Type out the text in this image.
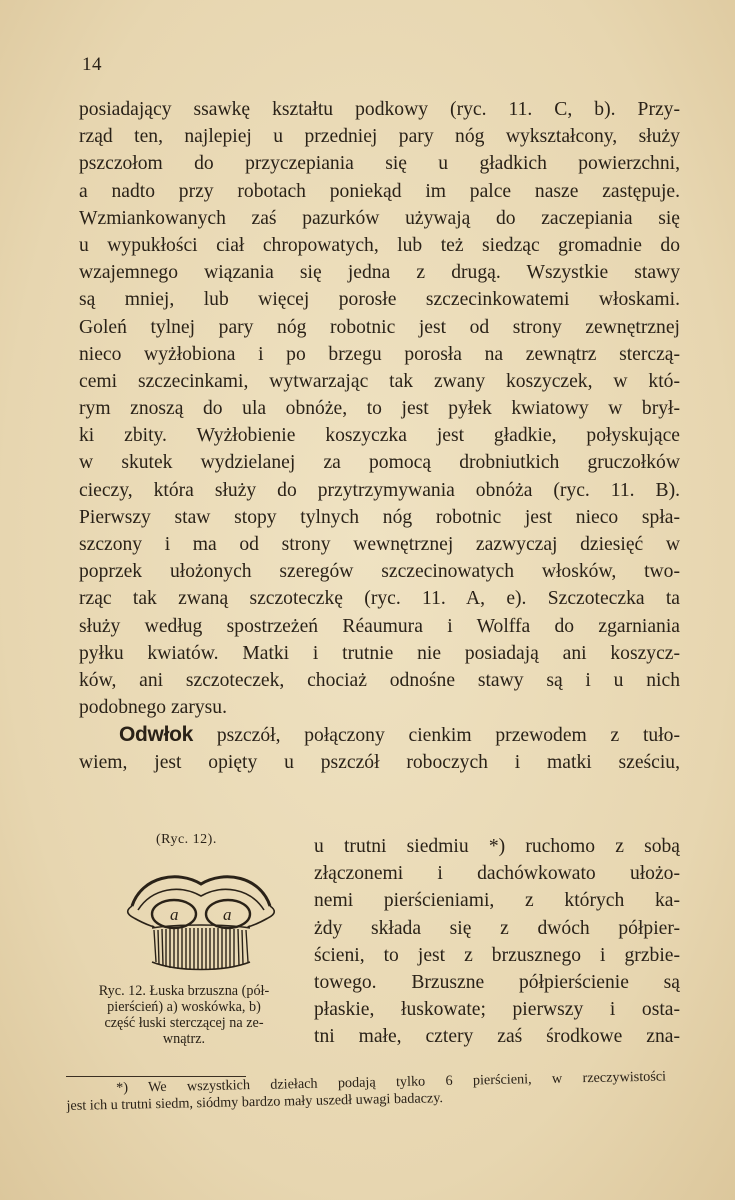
14
posiadający ssawkę kształtu podkowy (ryc. 11. C, b). Przy-
rząd ten, najlepiej u przedniej pary nóg wykształcony, służy
pszczołom do przyczepiania się u gładkich powierzchni,
a nadto przy robotach poniekąd im palce nasze zastępuje.
Wzmiankowanych zaś pazurków używają do zaczepiania się
u wypukłości ciał chropowatych, lub też siedząc gromadnie do
wzajemnego wiązania się jedna z drugą. Wszystkie stawy
są mniej, lub więcej porosłe szczecinkowatemi włoskami.
Goleń tylnej pary nóg robotnic jest od strony zewnętrznej
nieco wyżłobiona i po brzegu porosła na zewnątrz sterczą-
cemi szczecinkami, wytwarzając tak zwany koszyczek, w któ-
rym znoszą do ula obnóże, to jest pyłek kwiatowy w brył-
ki zbity. Wyżłobienie koszyczka jest gładkie, połyskujące
w skutek wydzielanej za pomocą drobniutkich gruczołków
cieczy, która służy do przytrzymywania obnóża (ryc. 11. B).
Pierwszy staw stopy tylnych nóg robotnic jest nieco spła-
szczony i ma od strony wewnętrznej zazwyczaj dziesięć w
poprzek ułożonych szeregów szczecinowatych włosków, two-
rząc tak zwaną szczoteczkę (ryc. 11. A, e). Szczoteczka ta
służy według spostrzeżeń Réaumura i Wolffa do zgarniania
pyłku kwiatów. Matki i trutnie nie posiadają ani koszycz-
ków, ani szczoteczek, chociaż odnośne stawy są i u nich
podobnego zarysu.
Odwłok pszczół, połączony cienkim przewodem z tuło-
wiem, jest opięty u pszczół roboczych i matki sześciu,
(Ryc. 12).
a	a
u trutni siedmiu *) ruchomo z sobą
złączonemi i dachówkowato ułożo-
nemi pierścieniami, z których ka-
żdy składa się z dwóch półpier-
ścieni, to jest z brzusznego i grzbie-
towego. Brzuszne półpierścienie są
płaskie, łuskowate; pierwszy i osta-
tni małe, cztery zaś środkowe zna-
Ryc. 12. Łuska brzuszna (pół-
pierścień) a) woskówka, b)
część łuski sterczącej na ze-
wnątrz.
*) We wszystkich dziełach podają tylko 6 pierścieni, w rzeczywistości
jest ich u trutni siedm, siódmy bardzo mały uszedł uwagi badaczy.
